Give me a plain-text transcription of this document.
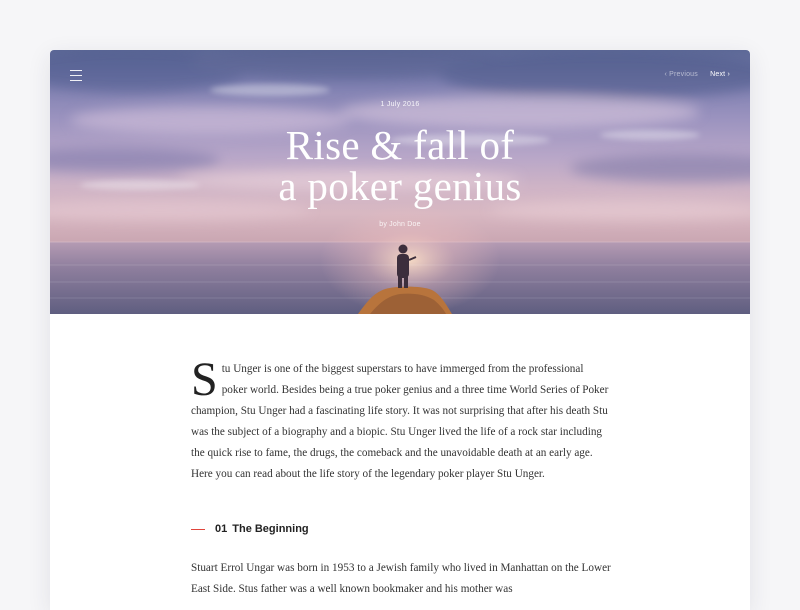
‹ Previous Next ›
1 July 2016
Rise & fall of
a poker genius
by John Doe

S tu Unger is one of the biggest superstars to have immerged from the professional poker world. Besides being a true poker genius and a three time World Series of Poker champion, Stu Unger had a fascinating life story. It was not surprising that after his death Stu was the subject of a biography and a biopic. Stu Unger lived the life of a rock star including the quick rise to fame, the drugs, the comeback and the unavoidable death at an early age. Here you can read about the life story of the legendary poker player Stu Unger.

01 The Beginning

Stuart Errol Ungar was born in 1953 to a Jewish family who lived in Manhattan on the Lower East Side. Stus father was a well known bookmaker and his mother was
